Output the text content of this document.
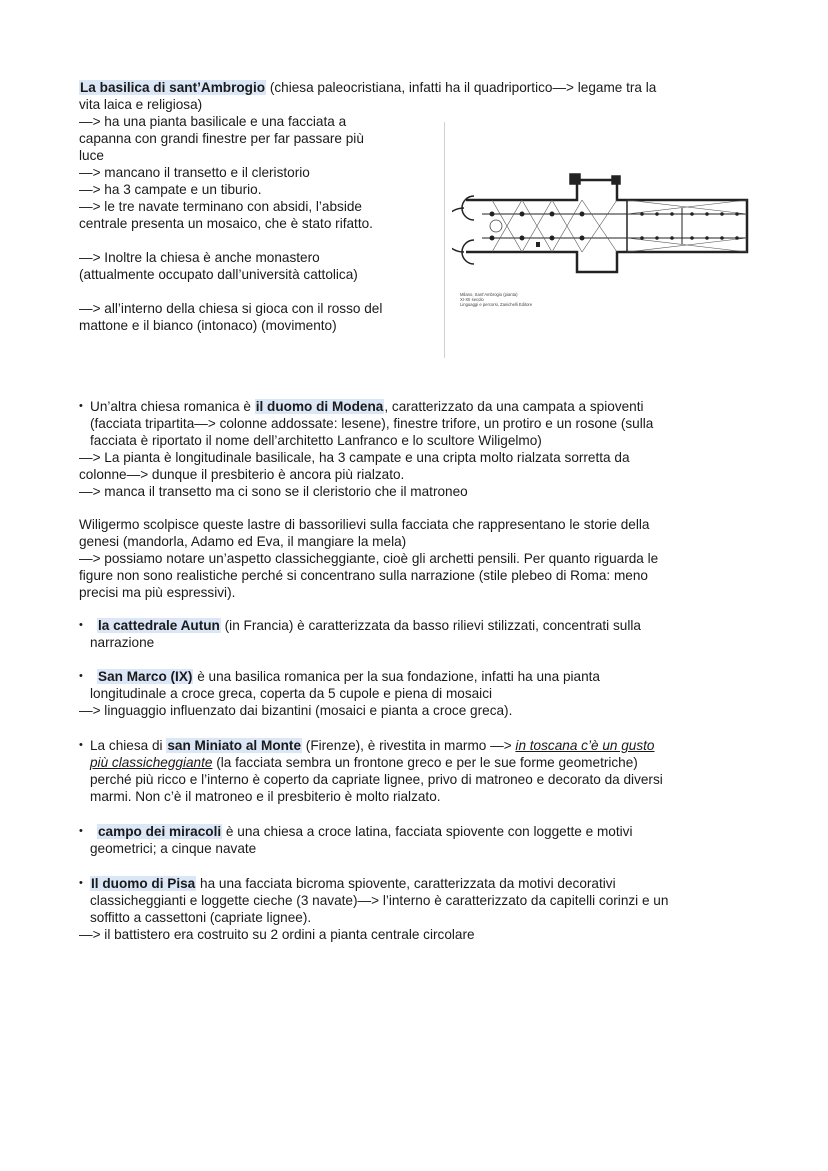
La basilica di sant’Ambrogio (chiesa paleocristiana, infatti ha il quadriportico—> legame tra la

vita laica e religiosa)

—> ha una pianta basilicale e una facciata a

capanna con grandi finestre per far passare più

luce

—> mancano il transetto e il cleristorio

—> ha 3 campate e un tiburio.

—> le tre navate terminano con absidi, l’abside

centrale presenta un mosaico, che è stato rifatto.

—> Inoltre la chiesa è anche monastero

(attualmente occupato dall’università cattolica)

—> all’interno della chiesa si gioca con il rosso del

mattone e il bianco (intonaco) (movimento)

Milano, Sant’Ambrogio (pianta)
XI-XII secolo
Linguaggi e percorsi, Zanichelli Editore

• Un’altra chiesa romanica è il duomo di Modena, caratterizzato da una campata a spioventi

(facciata tripartita—> colonne addossate: lesene), finestre trifore, un protiro e un rosone (sulla

facciata è riportato il nome dell’architetto Lanfranco e lo scultore Wiligelmo)

—> La pianta è longitudinale basilicale, ha 3 campate e una cripta molto rialzata sorretta da

colonne—> dunque il presbiterio è ancora più rialzato.

—> manca il transetto ma ci sono se il cleristorio che il matroneo

Wiligermo scolpisce queste lastre di bassorilievi sulla facciata che rappresentano le storie della

genesi (mandorla, Adamo ed Eva, il mangiare la mela)

—> possiamo notare un’aspetto classicheggiante, cioè gli archetti pensili. Per quanto riguarda le

figure non sono realistiche perché si concentrano sulla narrazione (stile plebeo di Roma: meno

precisi ma più espressivi).

• la cattedrale Autun (in Francia) è caratterizzata da basso rilievi stilizzati, concentrati sulla

narrazione

• San Marco (IX) è una basilica romanica per la sua fondazione, infatti ha una pianta

longitudinale a croce greca, coperta da 5 cupole e piena di mosaici

—> linguaggio influenzato dai bizantini (mosaici e pianta a croce greca).

• La chiesa di san Miniato al Monte (Firenze), è rivestita in marmo —> in toscana c’è un gusto

più classicheggiante (la facciata sembra un frontone greco e per le sue forme geometriche)

perché più ricco e l’interno è coperto da capriate lignee, privo di matroneo e decorato da diversi

marmi. Non c’è il matroneo e il presbiterio è molto rialzato.

• campo dei miracoli è una chiesa a croce latina, facciata spiovente con loggette e motivi

geometrici; a cinque navate

• Il duomo di Pisa ha una facciata bicroma spiovente, caratterizzata da motivi decorativi

classicheggianti e loggette cieche (3 navate)—> l’interno è caratterizzato da capitelli corinzi e un

soffitto a cassettoni (capriate lignee).

—> il battistero era costruito su 2 ordini a pianta centrale circolare
